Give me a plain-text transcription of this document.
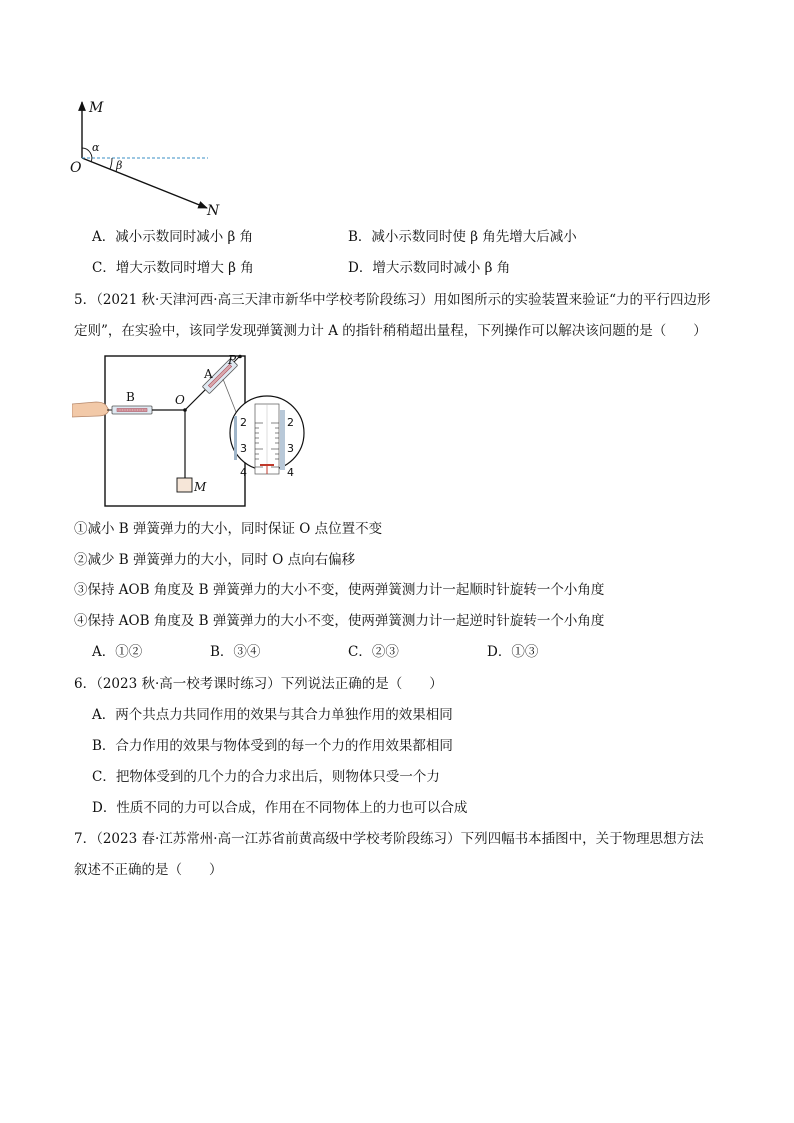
M
O
N
α
β
A．减小示数同时减小 β 角	B．减小示数同时使 β 角先增大后减小
C．增大示数同时增大 β 角	D．增大示数同时减小 β 角
5．（2021 秋·天津河西·高三天津市新华中学校考阶段练习）用如图所示的实验装置来验证“力的平行四边形
定则”，在实验中，该同学发现弹簧测力计 A 的指针稍稍超出量程，下列操作可以解决该问题的是（　　）
2
3
4
2
3
4
A
P
B	O
M
①减小 B 弹簧弹力的大小，同时保证 O 点位置不变
②减少 B 弹簧弹力的大小，同时 O 点向右偏移
③保持 AOB 角度及 B 弹簧弹力的大小不变，使两弹簧测力计一起顺时针旋转一个小角度
④保持 AOB 角度及 B 弹簧弹力的大小不变，使两弹簧测力计一起逆时针旋转一个小角度
A．①②	B．③④	C．②③	D．①③
6．（2023 秋·高一校考课时练习）下列说法正确的是（　　）
A．两个共点力共同作用的效果与其合力单独作用的效果相同
B．合力作用的效果与物体受到的每一个力的作用效果都相同
C．把物体受到的几个力的合力求出后，则物体只受一个力
D．性质不同的力可以合成，作用在不同物体上的力也可以合成
7．（2023 春·江苏常州·高一江苏省前黄高级中学校考阶段练习）下列四幅书本插图中，关于物理思想方法
叙述不正确的是（　　）
